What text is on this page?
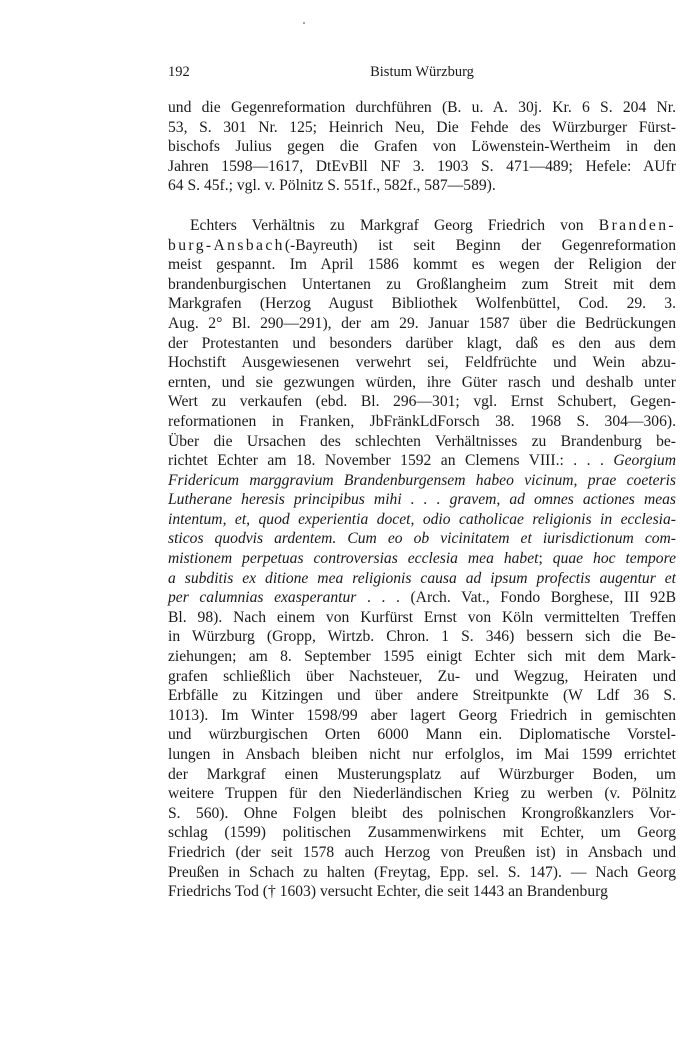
192	Bistum Würzburg
und die Gegenreformation durchführen (B. u. A. 30j. Kr. 6 S. 204 Nr.
53, S. 301 Nr. 125; Heinrich Neu, Die Fehde des Würzburger Fürst-
bischofs Julius gegen die Grafen von Löwenstein-Wertheim in den
Jahren 1598—1617, DtEvBll NF 3. 1903 S. 471—489; Hefele: AUfr
64 S. 45f.; vgl. v. Pölnitz S. 551f., 582f., 587—589).
Echters Verhältnis zu Markgraf Georg Friedrich von Branden-
burg-Ansbach(-Bayreuth) ist seit Beginn der Gegenreformation
meist gespannt. Im April 1586 kommt es wegen der Religion der
brandenburgischen Untertanen zu Großlangheim zum Streit mit dem
Markgrafen (Herzog August Bibliothek Wolfenbüttel, Cod. 29. 3.
Aug. 2° Bl. 290—291), der am 29. Januar 1587 über die Bedrückungen
der Protestanten und besonders darüber klagt, daß es den aus dem
Hochstift Ausgewiesenen verwehrt sei, Feldfrüchte und Wein abzu-
ernten, und sie gezwungen würden, ihre Güter rasch und deshalb unter
Wert zu verkaufen (ebd. Bl. 296—301; vgl. Ernst Schubert, Gegen-
reformationen in Franken, JbFränkLdForsch 38. 1968 S. 304—306).
Über die Ursachen des schlechten Verhältnisses zu Brandenburg be-
richtet Echter am 18. November 1592 an Clemens VIII.: . . . Georgium
Fridericum marggravium Brandenburgensem habeo vicinum, prae coeteris
Lutherane heresis principibus mihi . . . gravem, ad omnes actiones meas
intentum, et, quod experientia docet, odio catholicae religionis in ecclesia-
sticos quodvis ardentem. Cum eo ob vicinitatem et iurisdictionum com-
mistionem perpetuas controversias ecclesia mea habet; quae hoc tempore
a subditis ex ditione mea religionis causa ad ipsum profectis augentur et
per calumnias exasperantur . . . (Arch. Vat., Fondo Borghese, III 92B
Bl. 98). Nach einem von Kurfürst Ernst von Köln vermittelten Treffen
in Würzburg (Gropp, Wirtzb. Chron. 1 S. 346) bessern sich die Be-
ziehungen; am 8. September 1595 einigt Echter sich mit dem Mark-
grafen schließlich über Nachsteuer, Zu- und Wegzug, Heiraten und
Erbfälle zu Kitzingen und über andere Streitpunkte (W Ldf 36 S.
1013). Im Winter 1598/99 aber lagert Georg Friedrich in gemischten
und würzburgischen Orten 6000 Mann ein. Diplomatische Vorstel-
lungen in Ansbach bleiben nicht nur erfolglos, im Mai 1599 errichtet
der Markgraf einen Musterungsplatz auf Würzburger Boden, um
weitere Truppen für den Niederländischen Krieg zu werben (v. Pölnitz
S. 560). Ohne Folgen bleibt des polnischen Krongroßkanzlers Vor-
schlag (1599) politischen Zusammenwirkens mit Echter, um Georg
Friedrich (der seit 1578 auch Herzog von Preußen ist) in Ansbach und
Preußen in Schach zu halten (Freytag, Epp. sel. S. 147). — Nach Georg
Friedrichs Tod († 1603) versucht Echter, die seit 1443 an Brandenburg
